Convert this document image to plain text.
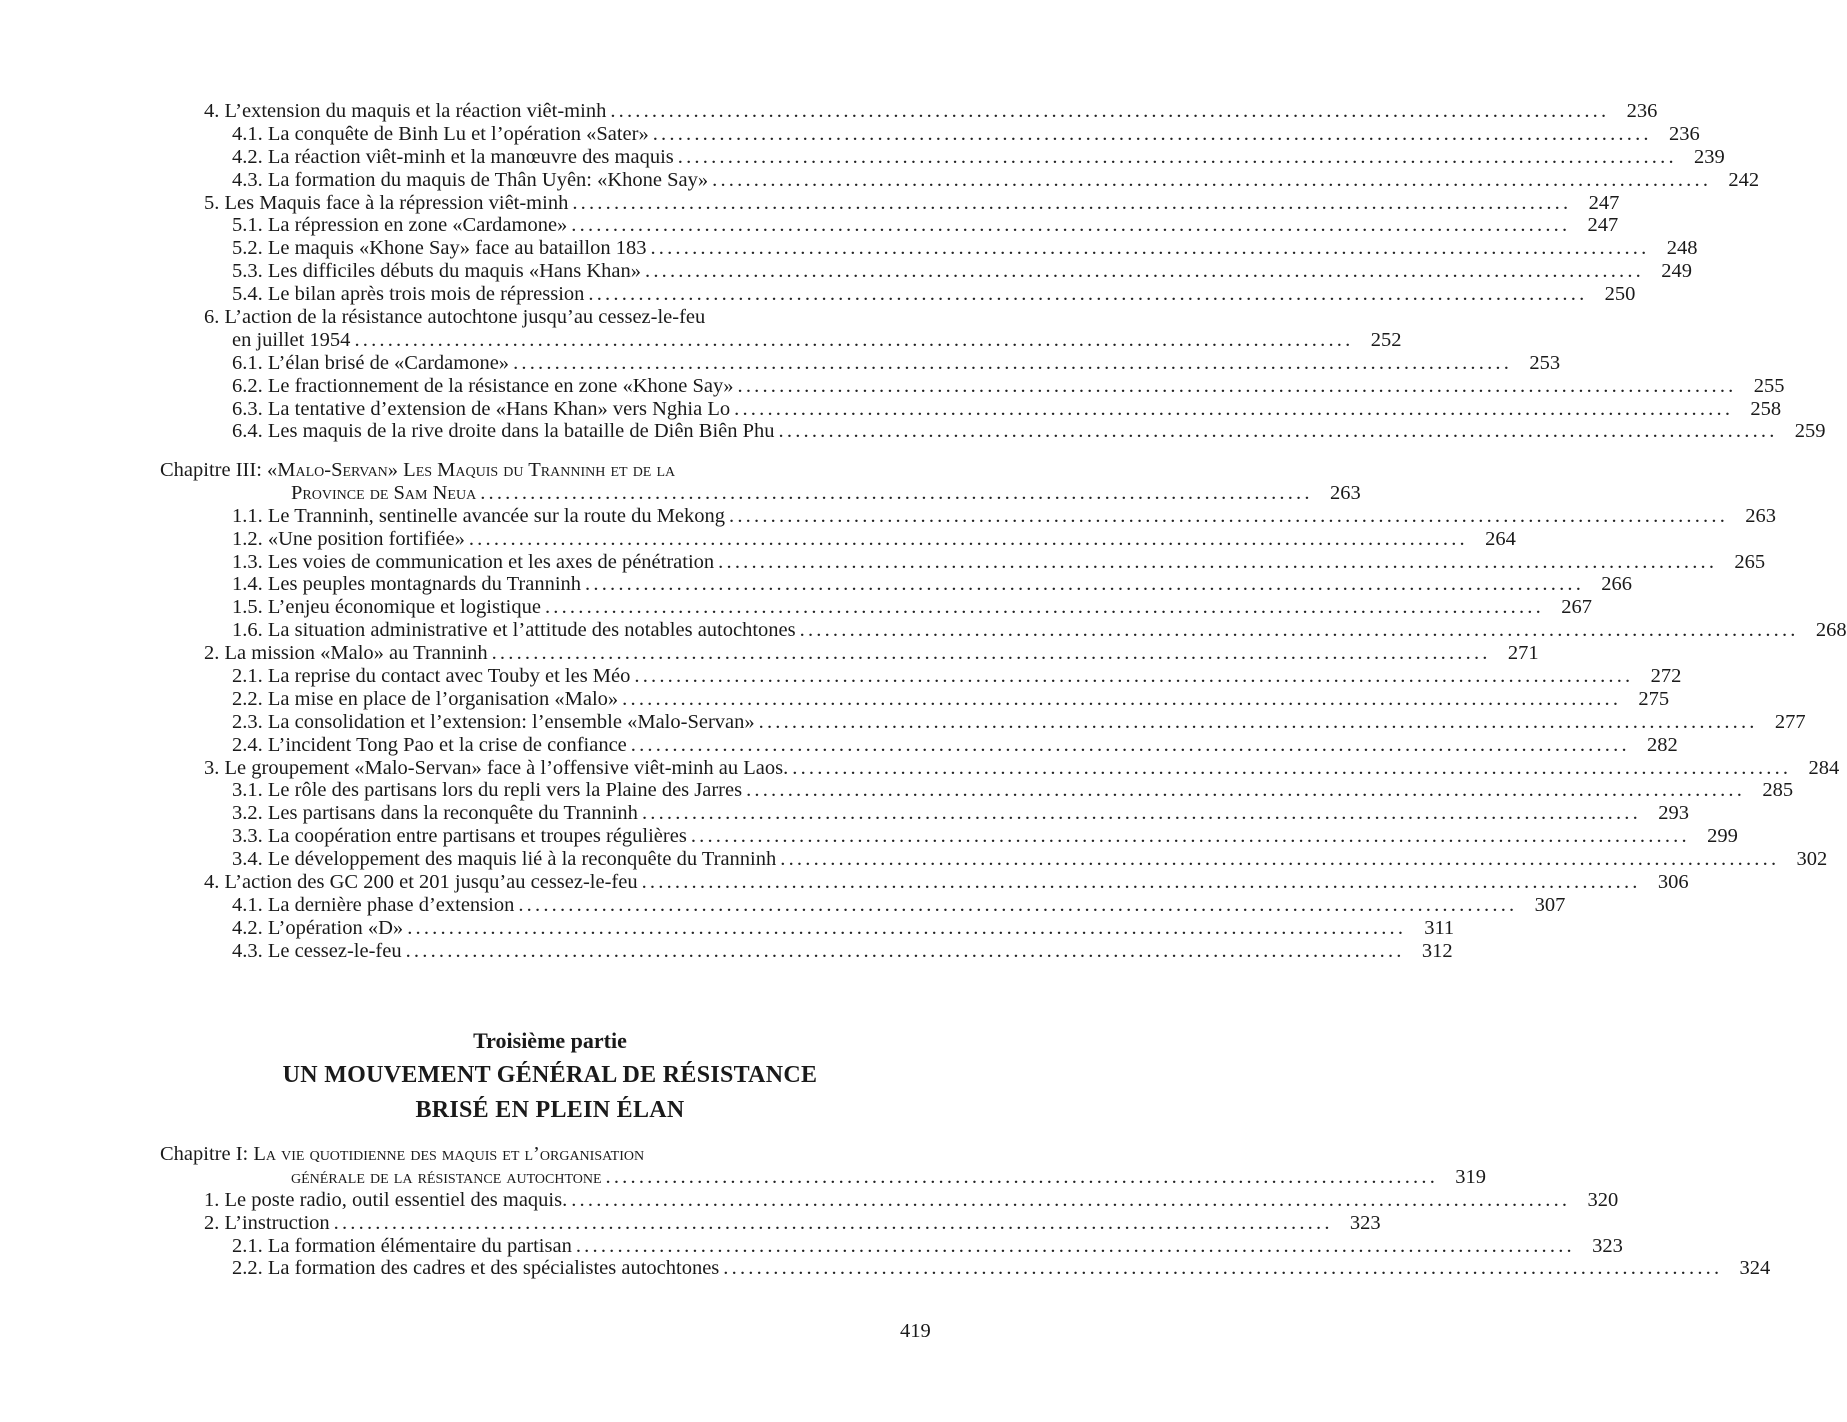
4. L’extension du maquis et la réaction viêt-minh ........................................................................................................................ 236
4.1. La conquête de Binh Lu et l’opération «Sater» ........................................................................................................................ 236
4.2. La réaction viêt-minh et la manœuvre des maquis ........................................................................................................................ 239
4.3. La formation du maquis de Thân Uyên: «Khone Say» ........................................................................................................................ 242
5. Les Maquis face à la répression viêt-minh ........................................................................................................................ 247
5.1. La répression en zone «Cardamone» ........................................................................................................................ 247
5.2. Le maquis «Khone Say» face au bataillon 183 ........................................................................................................................ 248
5.3. Les difficiles débuts du maquis «Hans Khan» ........................................................................................................................ 249
5.4. Le bilan après trois mois de répression ........................................................................................................................ 250
6. L’action de la résistance autochtone jusqu’au cessez-le-feu
en juillet 1954 ........................................................................................................................ 252
6.1. L’élan brisé de «Cardamone» ........................................................................................................................ 253
6.2. Le fractionnement de la résistance en zone «Khone Say» ........................................................................................................................ 255
6.3. La tentative d’extension de «Hans Khan» vers Nghia Lo ........................................................................................................................ 258
6.4. Les maquis de la rive droite dans la bataille de Diên Biên Phu ........................................................................................................................ 259
Chapitre III: «Malo-Servan» Les Maquis du Tranninh et de la
Province de Sam Neua .................................................................................................... 263
1.1. Le Tranninh, sentinelle avancée sur la route du Mekong ........................................................................................................................ 263
1.2. «Une position fortifiée» ........................................................................................................................ 264
1.3. Les voies de communication et les axes de pénétration ........................................................................................................................ 265
1.4. Les peuples montagnards du Tranninh ........................................................................................................................ 266
1.5. L’enjeu économique et logistique ........................................................................................................................ 267
1.6. La situation administrative et l’attitude des notables autochtones ........................................................................................................................ 268
2. La mission «Malo» au Tranninh ........................................................................................................................ 271
2.1. La reprise du contact avec Touby et les Méo ........................................................................................................................ 272
2.2. La mise en place de l’organisation «Malo» ........................................................................................................................ 275
2.3. La consolidation et l’extension: l’ensemble «Malo-Servan» ........................................................................................................................ 277
2.4. L’incident Tong Pao et la crise de confiance ........................................................................................................................ 282
3. Le groupement «Malo-Servan» face à l’offensive viêt-minh au Laos. ........................................................................................................................ 284
3.1. Le rôle des partisans lors du repli vers la Plaine des Jarres ........................................................................................................................ 285
3.2. Les partisans dans la reconquête du Tranninh ........................................................................................................................ 293
3.3. La coopération entre partisans et troupes régulières ........................................................................................................................ 299
3.4. Le développement des maquis lié à la reconquête du Tranninh ........................................................................................................................ 302
4. L’action des GC 200 et 201 jusqu’au cessez-le-feu ........................................................................................................................ 306
4.1. La dernière phase d’extension ........................................................................................................................ 307
4.2. L’opération «D» ........................................................................................................................ 311
4.3. Le cessez-le-feu ........................................................................................................................ 312
Troisième partie
UN MOUVEMENT GÉNÉRAL DE RÉSISTANCE
BRISÉ EN PLEIN ÉLAN
Chapitre I: La vie quotidienne des maquis et l’organisation
générale de la résistance autochtone .................................................................................................... 319
1. Le poste radio, outil essentiel des maquis. ........................................................................................................................ 320
2. L’instruction ........................................................................................................................ 323
2.1. La formation élémentaire du partisan ........................................................................................................................ 323
2.2. La formation des cadres et des spécialistes autochtones ........................................................................................................................ 324
419
